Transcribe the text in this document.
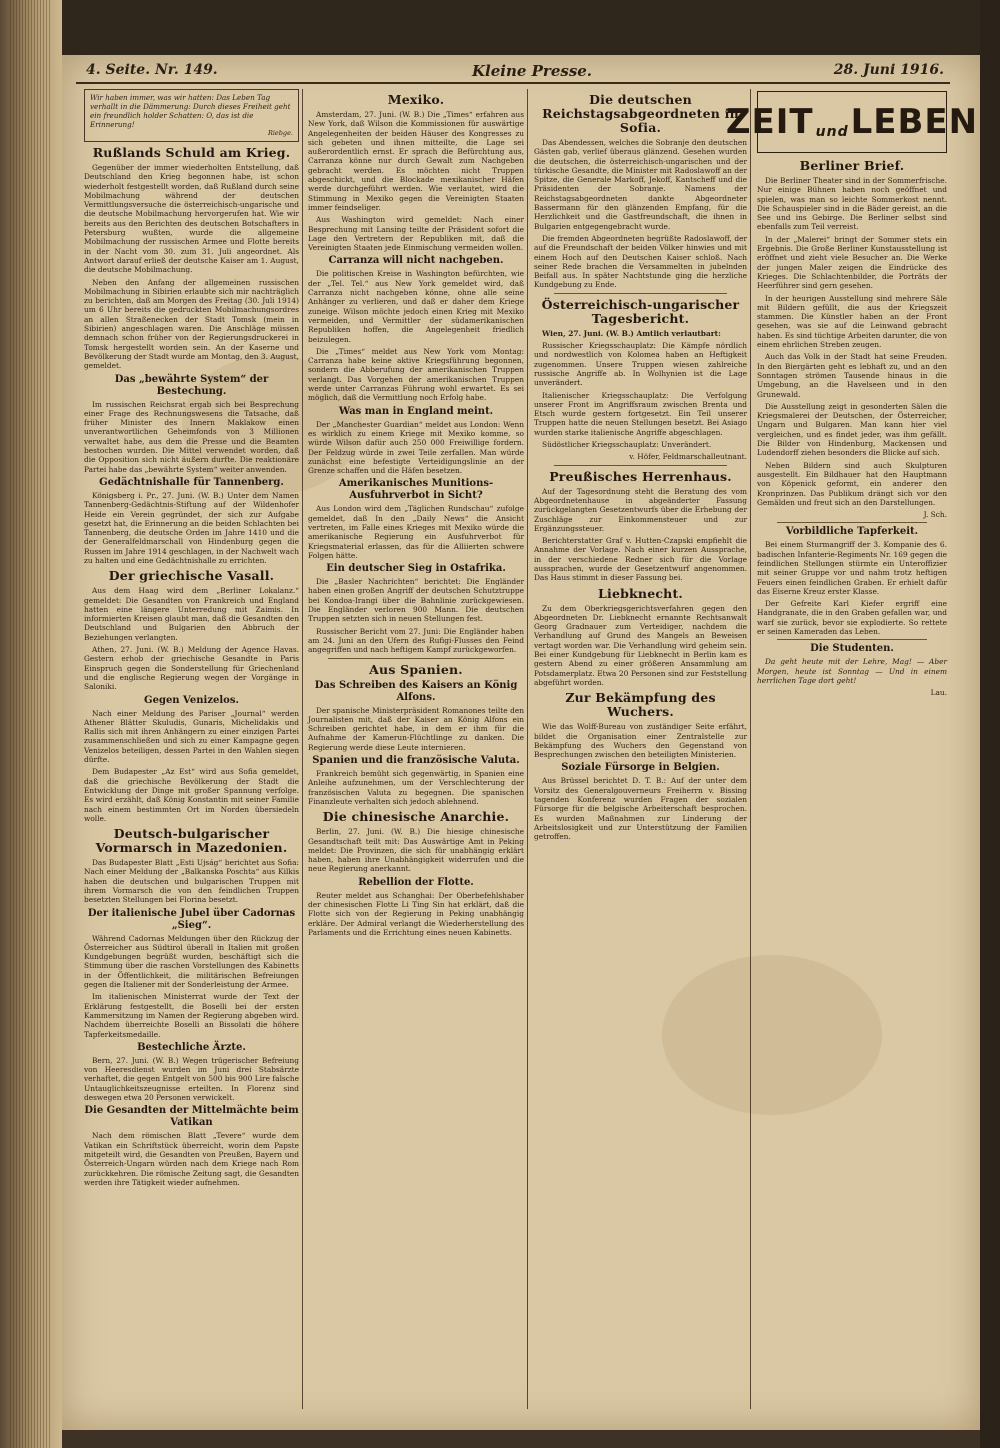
4. Seite. Nr. 149.	Kleine Presse.	28. Juni 1916.
Wir haben immer, was wir hatten: Das Leben Tag verhallt in die Dämmerung: Durch dieses Freiheit geht ein freundlich holder Schatten: O, das ist die Erinnerung!
Riebge.
Rußlands Schuld am Krieg.

Gegenüber der immer wiederholten Entstellung, daß Deutschland den Krieg begonnen habe, ist schon wiederholt festgestellt worden, daß Rußland durch seine Mobilmachung während der deutschen Vermittlungsversuche die österreichisch-ungarische und die deutsche Mobilmachung hervorgerufen hat. Wie wir bereits aus den Berichten des deutschen Botschafters in Petersburg wußten, wurde die allgemeine Mobilmachung der russischen Armee und Flotte bereits in der Nacht vom 30. zum 31. Juli angeordnet. Als Antwort darauf erließ der deutsche Kaiser am 1. August, die deutsche Mobilmachung.

Neben den Anfang der allgemeinen russischen Mobilmachung in Sibirien erlaubte sich mir nachträglich zu berichten, daß am Morgen des Freitag (30. Juli 1914) um 6 Uhr bereits die gedruckten Mobilmachungsordres an allen Straßenecken der Stadt Tomsk (mein in Sibirien) angeschlagen waren. Die Anschläge müssen demnach schon früher von der Regierungsdruckerei in Tomsk hergestellt worden sein. An der Kaserne und Bevölkerung der Stadt wurde am Montag, den 3. August, gemeldet.

Das „bewährte System“ der Bestechung.

Im russischen Reichsrat ergab sich bei Besprechung einer Frage des Rechnungswesens die Tatsache, daß früher Minister des Innern Maklakow einen unverantwortlichen Geheimfonds von 3 Millionen verwaltet habe, aus dem die Presse und die Beamten bestochen wurden. Die Mittel verwendet worden, daß die Opposition sich nicht äußern durfte. Die reaktionäre Partei habe das „bewährte System“ weiter anwenden.

Gedächtnishalle für Tannenberg.

Königsberg i. Pr., 27. Juni. (W. B.) Unter dem Namen Tannenberg-Gedächtnis-Stiftung auf der Wildenhofer Heide ein Verein gegründet, der sich zur Aufgabe gesetzt hat, die Erinnerung an die beiden Schlachten bei Tannenberg, die deutsche Orden im Jahre 1410 und die der Generalfeldmarschall von Hindenburg gegen die Russen im Jahre 1914 geschlagen, in der Nachwelt wach zu halten und eine Gedächtnishalle zu errichten.

Der griechische Vasall.

Aus dem Haag wird dem „Berliner Lokalanz.“ gemeldet: Die Gesandten von Frankreich und England hatten eine längere Unterredung mit Zaimis. In informierten Kreisen glaubt man, daß die Gesandten den Deutschland und Bulgarien den Abbruch der Beziehungen verlangten.

Athen, 27. Juni. (W. B.) Meldung der Agence Havas. Gestern erhob der griechische Gesandte in Paris Einspruch gegen die Sonderstellung für Griechenland und die englische Regierung wegen der Vorgänge in Saloniki.

Gegen Venizelos.

Nach einer Meldung des Pariser „Journal“ werden Athener Blätter Skuludis, Gunaris, Michelidakis und Rallis sich mit ihren Anhängern zu einer einzigen Partei zusammenschließen und sich zu einer Kampagne gegen Venizelos beteiligen, dessen Partei in den Wahlen siegen dürfte.

Dem Budapester „Az Est“ wird aus Sofia gemeldet, daß die griechische Bevölkerung der Stadt die Entwicklung der Dinge mit großer Spannung verfolge. Es wird erzählt, daß König Konstantin mit seiner Familie nach einem bestimmten Ort im Norden übersiedeln wolle.

Deutsch-bulgarischer Vormarsch in Mazedonien.

Das Budapester Blatt „Esti Ujság“ berichtet aus Sofia: Nach einer Meldung der „Balkanska Poschta“ aus Kilkis haben die deutschen und bulgarischen Truppen mit ihrem Vormarsch die von den feindlichen Truppen besetzten Stellungen bei Florina besetzt.

Der italienische Jubel über Cadornas „Sieg“.

Während Cadornas Meldungen über den Rückzug der Österreicher aus Südtirol überall in Italien mit großen Kundgebungen begrüßt wurden, beschäftigt sich die Stimmung über die raschen Vorstellungen des Kabinetts in der Öffentlichkeit, die militärischen Befreiungen gegen die Italiener mit der Sonderleistung der Armee.

Im italienischen Ministerrat wurde der Text der Erklärung festgestellt, die Boselli bei der ersten Kammersitzung im Namen der Regierung abgeben wird. Nachdem überreichte Boselli an Bissolati die höhere Tapferkeitsmedaille.

Bestechliche Ärzte.

Bern, 27. Juni. (W. B.) Wegen trügerischer Befreiung von Heeresdienst wurden im Juni drei Stabsärzte verhaftet, die gegen Entgelt von 500 bis 900 Lire falsche Untauglichkeitszeugnisse erteilten. In Florenz sind deswegen etwa 20 Personen verwickelt.

Die Gesandten der Mittelmächte beim Vatikan

Nach dem römischen Blatt „Tevere“ wurde dem Vatikan ein Schriftstück überreicht, worin dem Papste mitgeteilt wird, die Gesandten von Preußen, Bayern und Österreich-Ungarn würden nach dem Kriege nach Rom zurückkehren. Die römische Zeitung sagt, die Gesandten werden ihre Tätigkeit wieder aufnehmen.

Mexiko.

Amsterdam, 27. Juni. (W. B.) Die „Times“ erfahren aus New York, daß Wilson die Kommissionen für auswärtige Angelegenheiten der beiden Häuser des Kongresses zu sich gebeten und ihnen mitteilte, die Lage sei außerordentlich ernst. Er sprach die Befürchtung aus, Carranza könne nur durch Gewalt zum Nachgeben gebracht werden. Es möchten nicht Truppen abgeschickt, und die Blockade mexikanischer Häfen werde durchgeführt werden. Wie verlautet, wird die Stimmung in Mexiko gegen die Vereinigten Staaten immer feindseliger.

Aus Washington wird gemeldet: Nach einer Besprechung mit Lansing teilte der Präsident sofort die Lage den Vertretern der Republiken mit, daß die Vereinigten Staaten jede Einmischung vermeiden wollen.

Carranza will nicht nachgeben.

Die politischen Kreise in Washington befürchten, wie der „Tel. Tel.“ aus New York gemeldet wird, daß Carranza nicht nachgeben könne, ohne alle seine Anhänger zu verlieren, und daß er daher dem Kriege zuneige. Wilson möchte jedoch einen Krieg mit Mexiko vermeiden, und Vermittler der südamerikanischen Republiken hoffen, die Angelegenheit friedlich beizulegen.

Die „Times“ meldet aus New York vom Montag: Carranza habe keine aktive Kriegsführung begonnen, sondern die Abberufung der amerikanischen Truppen verlangt. Das Vorgehen der amerikanischen Truppen werde unter Carranzas Führung wohl erwartet. Es sei möglich, daß die Vermittlung noch Erfolg habe.

Was man in England meint.

Der „Manchester Guardian“ meldet aus London: Wenn es wirklich zu einem Kriege mit Mexiko komme, so würde Wilson dafür auch 250 000 Freiwillige fordern. Der Feldzug würde in zwei Teile zerfallen. Man würde zunächst eine befestigte Verteidigungslinie an der Grenze schaffen und die Häfen besetzen.

Amerikanisches Munitions-Ausfuhrverbot in Sicht?

Aus London wird dem „Täglichen Rundschau“ zufolge gemeldet, daß In den „Daily News“ die Ansicht vertreten, im Falle eines Krieges mit Mexiko würde die amerikanische Regierung ein Ausfuhrverbot für Kriegsmaterial erlassen, das für die Alliierten schwere Folgen hätte.

Ein deutscher Sieg in Ostafrika.

Die „Basler Nachrichten“ berichtet: Die Engländer haben einen großen Angriff der deutschen Schutztruppe bei Kondoa-Irangi über die Bahnlinie zurückgewiesen. Die Engländer verloren 900 Mann. Die deutschen Truppen setzten sich in neuen Stellungen fest.

Russischer Bericht vom 27. Juni: Die Engländer haben am 24. Juni an den Ufern des Rufigi-Flusses den Feind angegriffen und nach heftigem Kampf zurückgeworfen.

Aus Spanien.
Das Schreiben des Kaisers an König Alfons.

Der spanische Ministerpräsident Romanones teilte den Journalisten mit, daß der Kaiser an König Alfons ein Schreiben gerichtet habe, in dem er ihm für die Aufnahme der Kamerun-Flüchtlinge zu danken. Die Regierung werde diese Leute internieren.

Spanien und die französische Valuta.

Frankreich bemüht sich gegenwärtig, in Spanien eine Anleihe aufzunehmen, um der Verschlechterung der französischen Valuta zu begegnen. Die spanischen Finanzleute verhalten sich jedoch ablehnend.

Die chinesische Anarchie.

Berlin, 27. Juni. (W. B.) Die hiesige chinesische Gesandtschaft teilt mit: Das Auswärtige Amt in Peking meldet: Die Provinzen, die sich für unabhängig erklärt haben, haben ihre Unabhängigkeit widerrufen und die neue Regierung anerkannt.

Rebellion der Flotte.

Reuter meldet aus Schanghai: Der Oberbefehlshaber der chinesischen Flotte Li Ting Sin hat erklärt, daß die Flotte sich von der Regierung in Peking unabhängig erkläre. Der Admiral verlangt die Wiederherstellung des Parlaments und die Errichtung eines neuen Kabinetts.

Die deutschen Reichstagsabgeordneten in Sofia.

Das Abendessen, welches die Sobranje den deutschen Gästen gab, verlief überaus glänzend. Gesehen wurden die deutschen, die österreichisch-ungarischen und der türkische Gesandte, die Minister mit Radoslawoff an der Spitze, die Generale Markoff, Jekoff, Kantscheff und die Präsidenten der Sobranje. Namens der Reichstagsabgeordneten dankte Abgeordneter Bassermann für den glänzenden Empfang, für die Herzlichkeit und die Gastfreundschaft, die ihnen in Bulgarien entgegengebracht wurde.

Die fremden Abgeordneten begrüßte Radoslawoff, der auf die Freundschaft der beiden Völker hinwies und mit einem Hoch auf den Deutschen Kaiser schloß. Nach seiner Rede brachen die Versammelten in jubelnden Beifall aus. In später Nachtstunde ging die herzliche Kundgebung zu Ende.

Österreichisch-ungarischer Tagesbericht.

Wien, 27. Juni. (W. B.) Amtlich verlautbart:

Russischer Kriegsschauplatz: Die Kämpfe nördlich und nordwestlich von Kolomea haben an Heftigkeit zugenommen. Unsere Truppen wiesen zahlreiche russische Angriffe ab. In Wolhynien ist die Lage unverändert.

Italienischer Kriegsschauplatz: Die Verfolgung unserer Front im Angriffsraum zwischen Brenta und Etsch wurde gestern fortgesetzt. Ein Teil unserer Truppen hatte die neuen Stellungen besetzt. Bei Asiago wurden starke italienische Angriffe abgeschlagen.

Südöstlicher Kriegsschauplatz: Unverändert.

v. Höfer, Feldmarschalleutnant.

Preußisches Herrenhaus.

Auf der Tagesordnung steht die Beratung des vom Abgeordnetenhause in abgeänderter Fassung zurückgelangten Gesetzentwurfs über die Erhebung der Zuschläge zur Einkommensteuer und zur Ergänzungssteuer.

Berichterstatter Graf v. Hutten-Czapski empfiehlt die Annahme der Vorlage. Nach einer kurzen Aussprache, in der verschiedene Redner sich für die Vorlage aussprachen, wurde der Gesetzentwurf angenommen. Das Haus stimmt in dieser Fassung bei.

Liebknecht.

Zu dem Oberkriegsgerichtsverfahren gegen den Abgeordneten Dr. Liebknecht ernannte Rechtsanwalt Georg Gradnauer zum Verteidiger, nachdem die Verhandlung auf Grund des Mangels an Beweisen vertagt worden war. Die Verhandlung wird geheim sein. Bei einer Kundgebung für Liebknecht in Berlin kam es gestern Abend zu einer größeren Ansammlung am Potsdamerplatz. Etwa 20 Personen sind zur Feststellung abgeführt worden.

Zur Bekämpfung des Wuchers.

Wie das Wolff-Bureau von zuständiger Seite erfährt, bildet die Organisation einer Zentralstelle zur Bekämpfung des Wuchers den Gegenstand von Besprechungen zwischen den beteiligten Ministerien.

Soziale Fürsorge in Belgien.

Aus Brüssel berichtet D. T. B.: Auf der unter dem Vorsitz des Generalgouverneurs Freiherrn v. Bissing tagenden Konferenz wurden Fragen der sozialen Fürsorge für die belgische Arbeiterschaft besprochen. Es wurden Maßnahmen zur Linderung der Arbeitslosigkeit und zur Unterstützung der Familien getroffen.

ZEIT und LEBEN
Berliner Brief.

Die Berliner Theater sind in der Sommerfrische. Nur einige Bühnen haben noch geöffnet und spielen, was man so leichte Sommerkost nennt. Die Schauspieler sind in die Bäder gereist, an die See und ins Gebirge. Die Berliner selbst sind ebenfalls zum Teil verreist.

In der „Malerei“ bringt der Sommer stets ein Ergebnis. Die Große Berliner Kunstausstellung ist eröffnet und zieht viele Besucher an. Die Werke der jungen Maler zeigen die Eindrücke des Krieges. Die Schlachtenbilder, die Porträts der Heerführer sind gern gesehen.

In der heurigen Ausstellung sind mehrere Säle mit Bildern gefüllt, die aus der Kriegszeit stammen. Die Künstler haben an der Front gesehen, was sie auf die Leinwand gebracht haben. Es sind tüchtige Arbeiten darunter, die von einem ehrlichen Streben zeugen.

Auch das Volk in der Stadt hat seine Freuden. In den Biergärten geht es lebhaft zu, und an den Sonntagen strömen Tausende hinaus in die Umgebung, an die Havelseen und in den Grunewald.

Die Ausstellung zeigt in gesonderten Sälen die Kriegsmalerei der Deutschen, der Österreicher, Ungarn und Bulgaren. Man kann hier viel vergleichen, und es findet jeder, was ihm gefällt. Die Bilder von Hindenburg, Mackensen und Ludendorff ziehen besonders die Blicke auf sich.

Neben Bildern sind auch Skulpturen ausgestellt. Ein Bildhauer hat den Hauptmann von Köpenick geformt, ein anderer den Kronprinzen. Das Publikum drängt sich vor den Gemälden und freut sich an den Darstellungen.

J. Sch.

Vorbildliche Tapferkeit.

Bei einem Sturmangriff der 3. Kompanie des 6. badischen Infanterie-Regiments Nr. 169 gegen die feindlichen Stellungen stürmte ein Unteroffizier mit seiner Gruppe vor und nahm trotz heftigen Feuers einen feindlichen Graben. Er erhielt dafür das Eiserne Kreuz erster Klasse.

Der Gefreite Karl Kiefer ergriff eine Handgranate, die in den Graben gefallen war, und warf sie zurück, bevor sie explodierte. So rettete er seinen Kameraden das Leben.

Die Studenten.

Da geht heute mit der Lehre, Mag! — Aber Morgen, heute ist Sonntag — Und in einem herrlichen Tage dort geht!

Lau.
